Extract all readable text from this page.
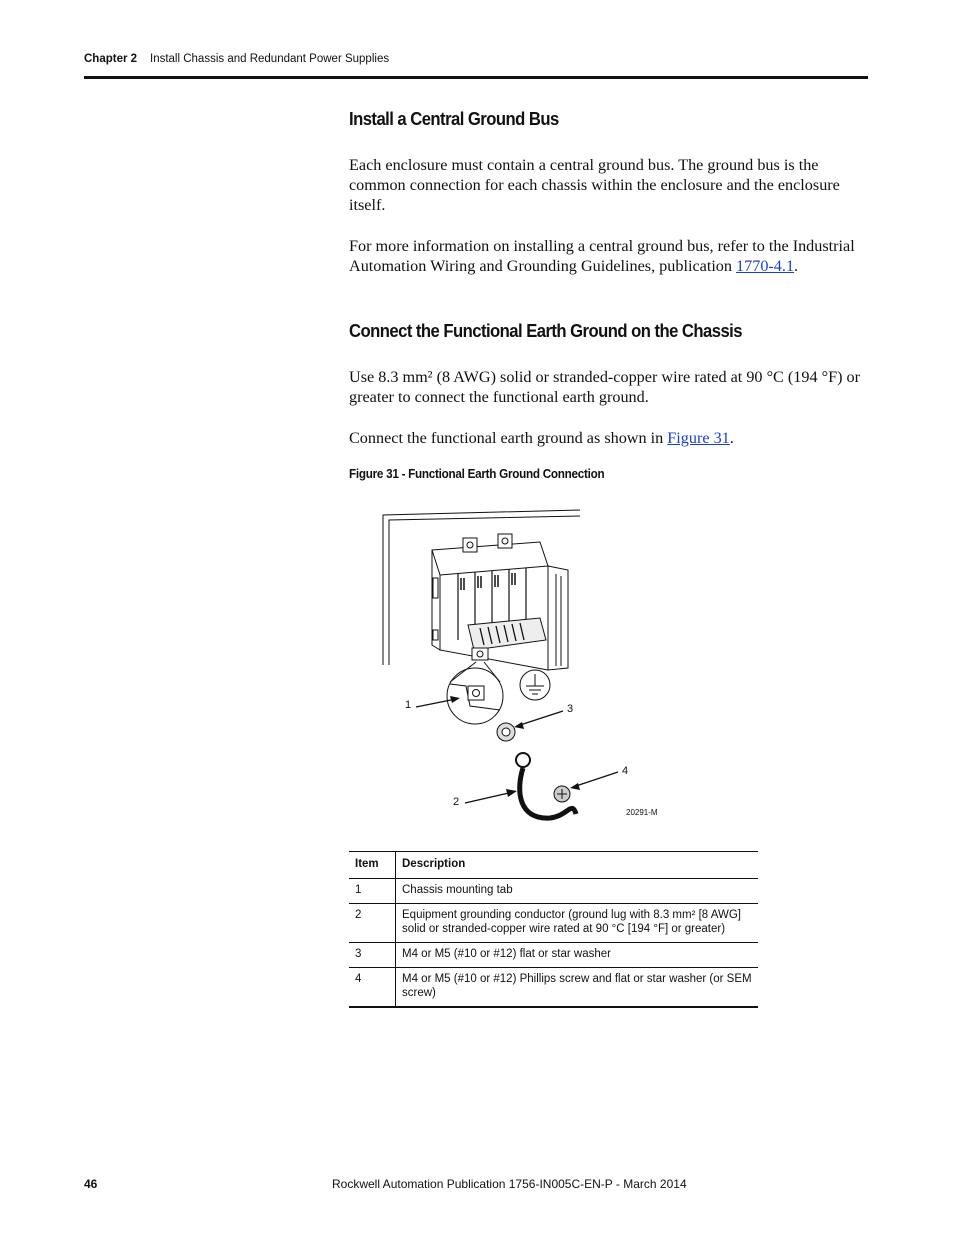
Chapter 2 Install Chassis and Redundant Power Supplies
Install a Central Ground Bus

Each enclosure must contain a central ground bus. The ground bus is the common connection for each chassis within the enclosure and the enclosure itself.

For more information on installing a central ground bus, refer to the Industrial Automation Wiring and Grounding Guidelines, publication 1770-4.1.

Connect the Functional Earth Ground on the Chassis

Use 8.3 mm² (8 AWG) solid or stranded-copper wire rated at 90 °C (194 °F) or greater to connect the functional earth ground.

Connect the functional earth ground as shown in Figure 31.

Figure 31 - Functional Earth Ground Connection
1
2
3
4
20291-M
Item	Description
1	Chassis mounting tab
2	Equipment grounding conductor (ground lug with 8.3 mm² [8 AWG] solid or stranded-copper wire rated at 90 °C [194 °F] or greater)
3	M4 or M5 (#10 or #12) flat or star washer
4	M4 or M5 (#10 or #12) Phillips screw and flat or star washer (or SEM screw)
46	Rockwell Automation Publication 1756-IN005C-EN-P - March 2014
